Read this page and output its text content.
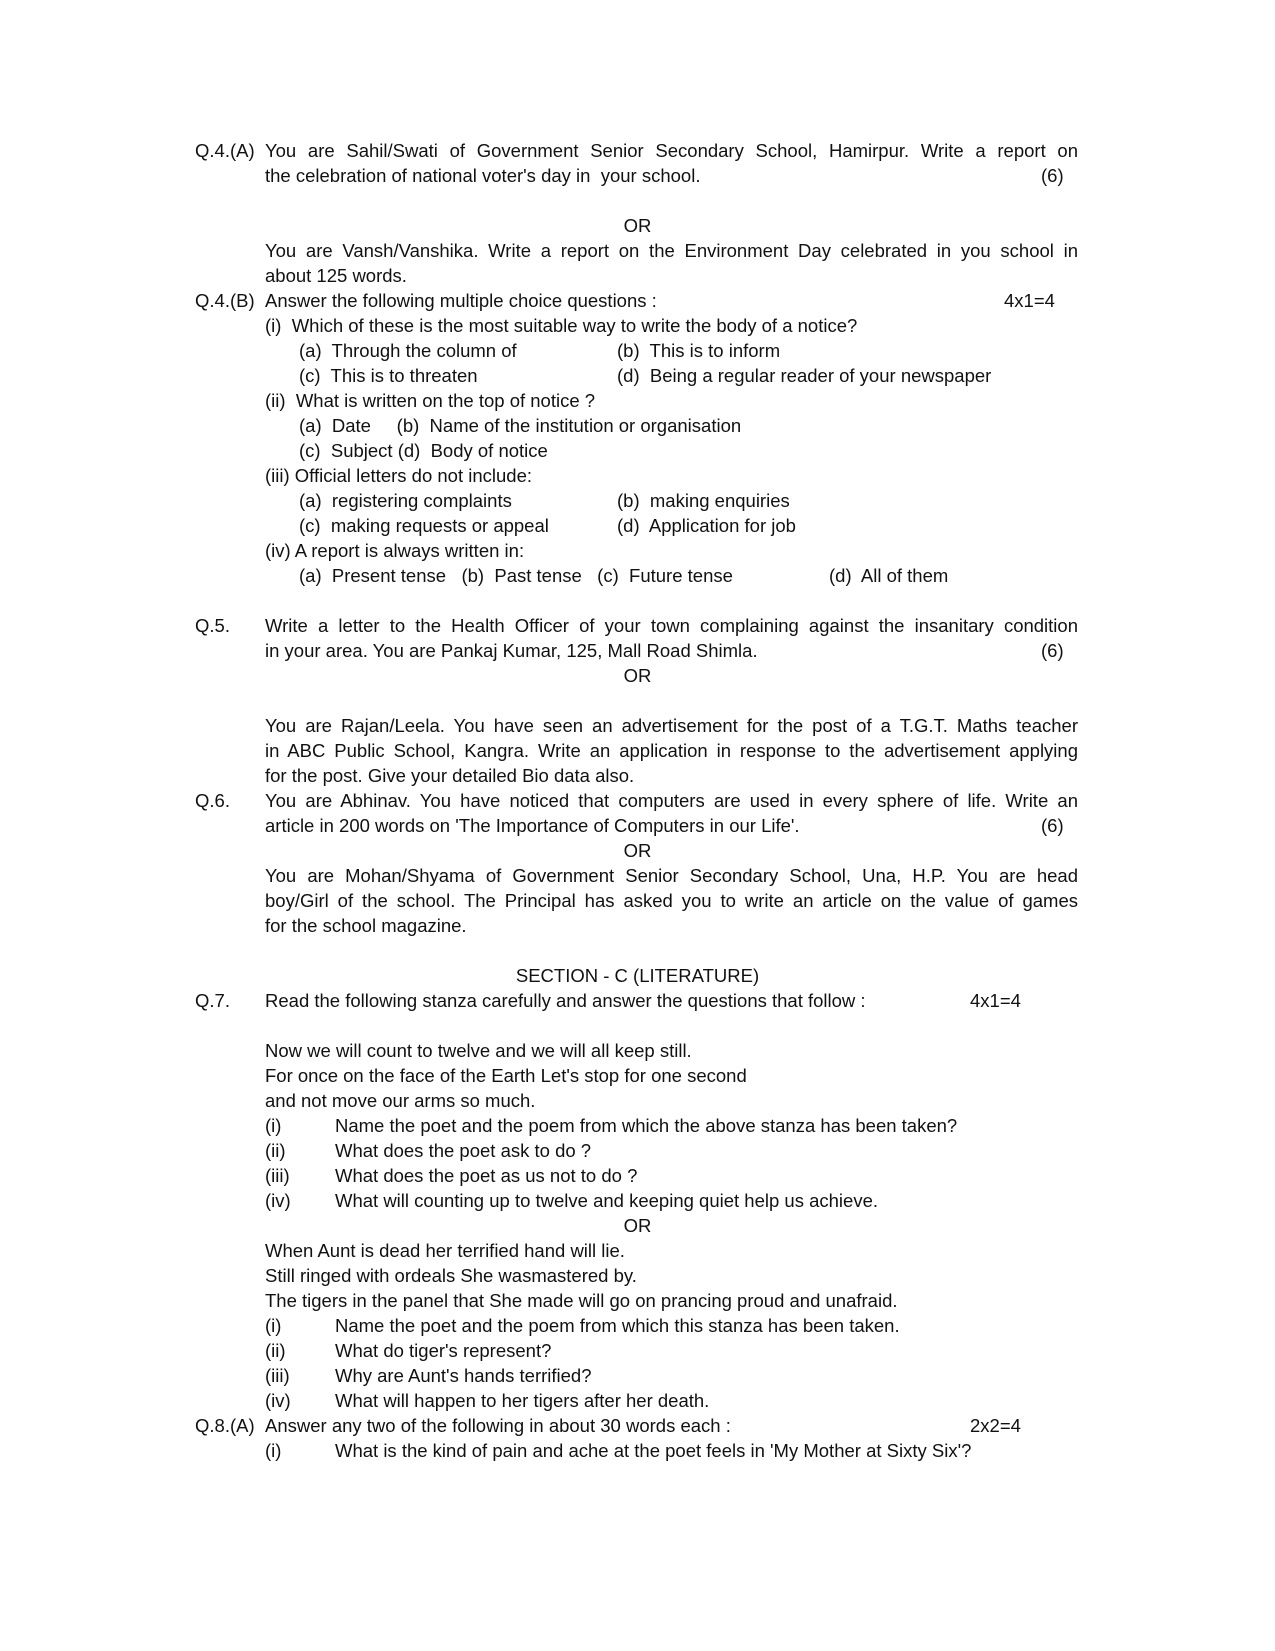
Q.4.(A) You are Sahil/Swati of Government Senior Secondary School, Hamirpur. Write a report on
the celebration of national voter's day in  your school.	(6)
OR
You are Vansh/Vanshika. Write a report on the Environment Day celebrated in you school in
about 125 words.
Q.4.(B) Answer the following multiple choice questions :	4x1=4
(i)  Which of these is the most suitable way to write the body of a notice?
(a)  Through the column of	(b)  This is to inform
(c)  This is to threaten	(d)  Being a regular reader of your newspaper
(ii)  What is written on the top of notice ?
(a)  Date     (b)  Name of the institution or organisation
(c)  Subject (d)  Body of notice
(iii) Official letters do not include:
(a)  registering complaints	(b)  making enquiries
(c)  making requests or appeal	(d)  Application for job
(iv) A report is always written in:
(a)  Present tense   (b)  Past tense   (c)  Future tense	(d)  All of them
Q.5. Write a letter to the Health Officer of your town complaining against the insanitary condition
in your area. You are Pankaj Kumar, 125, Mall Road Shimla.	(6)
OR
You are Rajan/Leela. You have seen an advertisement for the post of a T.G.T. Maths teacher
in ABC Public School, Kangra. Write an application in response to the advertisement applying
for the post. Give your detailed Bio data also.
Q.6. You are Abhinav. You have noticed that computers are used in every sphere of life. Write an
article in 200 words on 'The Importance of Computers in our Life'.	(6)
OR
You are Mohan/Shyama of Government Senior Secondary School, Una, H.P. You are head
boy/Girl of the school. The Principal has asked you to write an article on the value of games
for the school magazine.
SECTION - C (LITERATURE)
Q.7. Read the following stanza carefully and answer the questions that follow :	4x1=4
Now we will count to twelve and we will all keep still.
For once on the face of the Earth Let's stop for one second
and not move our arms so much.
(i)	Name the poet and the poem from which the above stanza has been taken?
(ii)	What does the poet ask to do ?
(iii) What does the poet as us not to do ?
(iv) What will counting up to twelve and keeping quiet help us achieve.
OR
When Aunt is dead her terrified hand will lie.
Still ringed with ordeals She wasmastered by.
The tigers in the panel that She made will go on prancing proud and unafraid.
(i)	Name the poet and the poem from which this stanza has been taken.
(ii)	What do tiger's represent?
(iii) Why are Aunt's hands terrified?
(iv) What will happen to her tigers after her death.
Q.8.(A) Answer any two of the following in about 30 words each :	2x2=4
(i)	What is the kind of pain and ache at the poet feels in 'My Mother at Sixty Six'?
